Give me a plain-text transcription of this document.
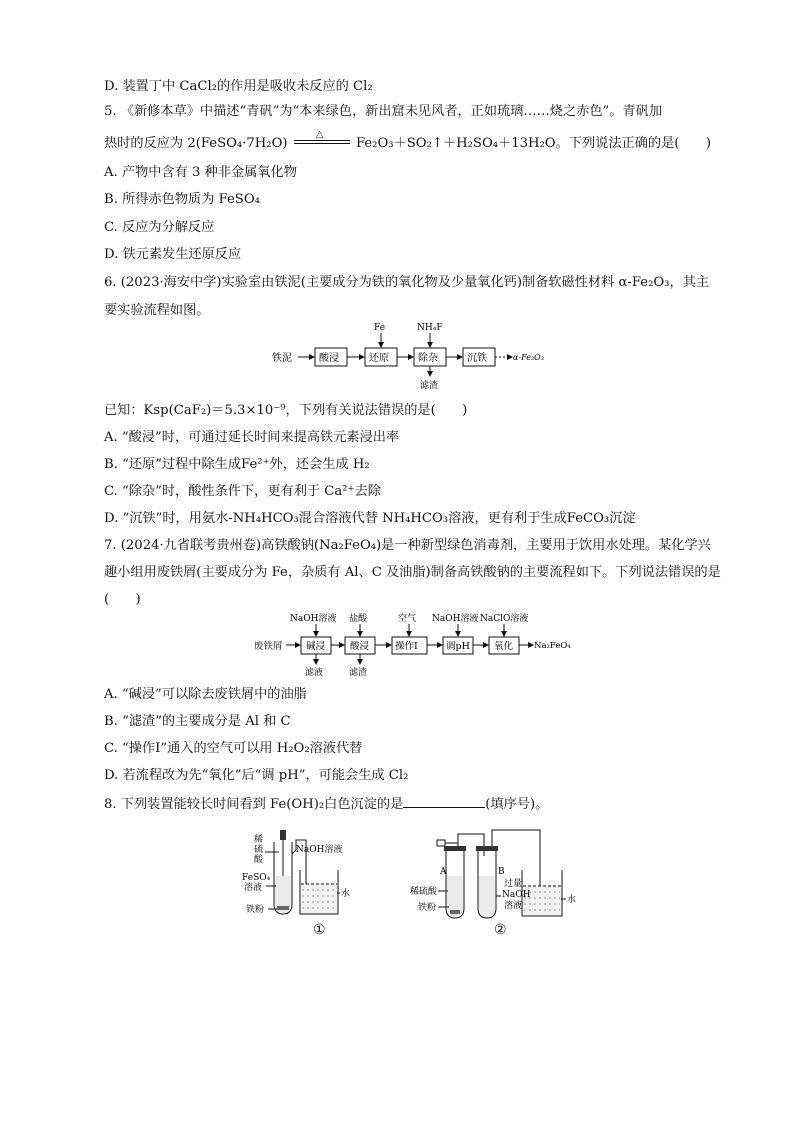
D. 装置丁中 CaCl₂的作用是吸收未反应的 Cl₂
5. 《新修本草》中描述“青矾”为“本来绿色，新出窟未见风者，正如琉璃……烧之赤色”。青矾加
热时的反应为 2(FeSO₄·7H₂O)
△
Fe₂O₃＋SO₂↑＋H₂SO₄＋13H₂O。下列说法正确的是(　　)
A. 产物中含有 3 种非金属氧化物
B. 所得赤色物质为 FeSO₄
C. 反应为分解反应
D. 铁元素发生还原反应
6. (2023·海安中学)实验室由铁泥(主要成分为铁的氧化物及少量氧化钙)制备软磁性材料 α-Fe₂O₃，其主
要实验流程如图。
铁泥	酸浸	还原	除杂	沉铁	α-Fe₂O₃
Fe	NH₄F
滤渣
已知：Ksp(CaF₂)＝5.3×10⁻⁹，下列有关说法错误的是(　　)
A. “酸浸”时，可通过延长时间来提高铁元素浸出率
B. “还原”过程中除生成Fe²⁺外，还会生成 H₂
C. “除杂”时，酸性条件下，更有利于 Ca²⁺去除
D. “沉铁”时，用氨水-NH₄HCO₃混合溶液代替 NH₄HCO₃溶液，更有利于生成FeCO₃沉淀
7. (2024·九省联考贵州卷)高铁酸钠(Na₂FeO₄)是一种新型绿色消毒剂，主要用于饮用水处理。某化学兴
趣小组用废铁屑(主要成分为 Fe，杂质有 Al、C 及油脂)制备高铁酸钠的主要流程如下。下列说法错误的是
(　　)
废铁屑 碱浸	酸浸	操作Ⅰ	调pH	氧化 Na₂FeO₄
NaOH溶液 盐酸	空气 NaOH溶液 NaClO溶液
滤液	滤渣
A. “碱浸”可以除去废铁屑中的油脂
B. “滤渣”的主要成分是 Al 和 C
C. “操作Ⅰ”通入的空气可以用 H₂O₂溶液代替
D. 若流程改为先“氧化”后“调 pH”，可能会生成 Cl₂
8. 下列装置能较长时间看到 Fe(OH)₂白色沉淀的是	(填序号)。
稀
硫
酸
NaOH溶液
FeSO₄
溶液
铁粉
水
①
A	B
稀硫酸
铁粉
过量
NaOH
溶液
水
②
